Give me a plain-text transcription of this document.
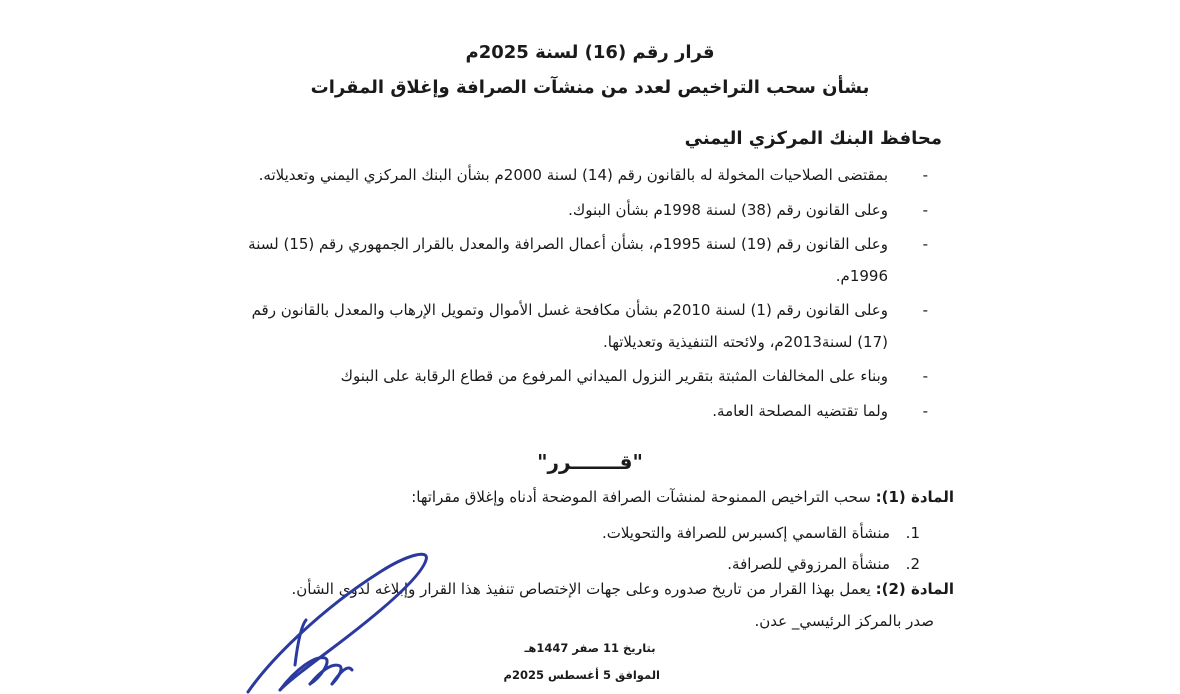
قرار رقم (16) لسنة 2025م
بشأن سحب التراخيص لعدد من منشآت الصرافة وإغلاق المقرات
محافظ البنك المركزي اليمني
- بمقتضى الصلاحيات المخولة له بالقانون رقم (14) لسنة 2000م بشأن البنك المركزي اليمني وتعديلاته.
- وعلى القانون رقم (38) لسنة 1998م بشأن البنوك.
- وعلى القانون رقم (19) لسنة 1995م، بشأن أعمال الصرافة والمعدل بالقرار الجمهوري رقم (15) لسنة 1996م.
- وعلى القانون رقم (1) لسنة 2010م بشأن مكافحة غسل الأموال وتمويل الإرهاب والمعدل بالقانون رقم (17) لسنة2013م، ولائحته التنفيذية وتعديلاتها.
- وبناء على المخالفات المثبتة بتقرير النزول الميداني المرفوع من قطاع الرقابة على البنوك
- ولما تقتضيه المصلحة العامة.
"قـــــــرر"
المادة (1): سحب التراخيص الممنوحة لمنشآت الصرافة الموضحة أدناه وإغلاق مقراتها:
1.منشأة القاسمي إكسبرس للصرافة والتحويلات.
2.منشأة المرزوقي للصرافة.
المادة (2): يعمل بهذا القرار من تاريخ صدوره وعلى جهات الإختصاص تنفيذ هذا القرار وإبلاغه لذوي الشأن.
صدر بالمركز الرئيسي_ عدن.
بتاريخ 11 صفر 1447هـ
الموافق 5 أغسطس 2025م
